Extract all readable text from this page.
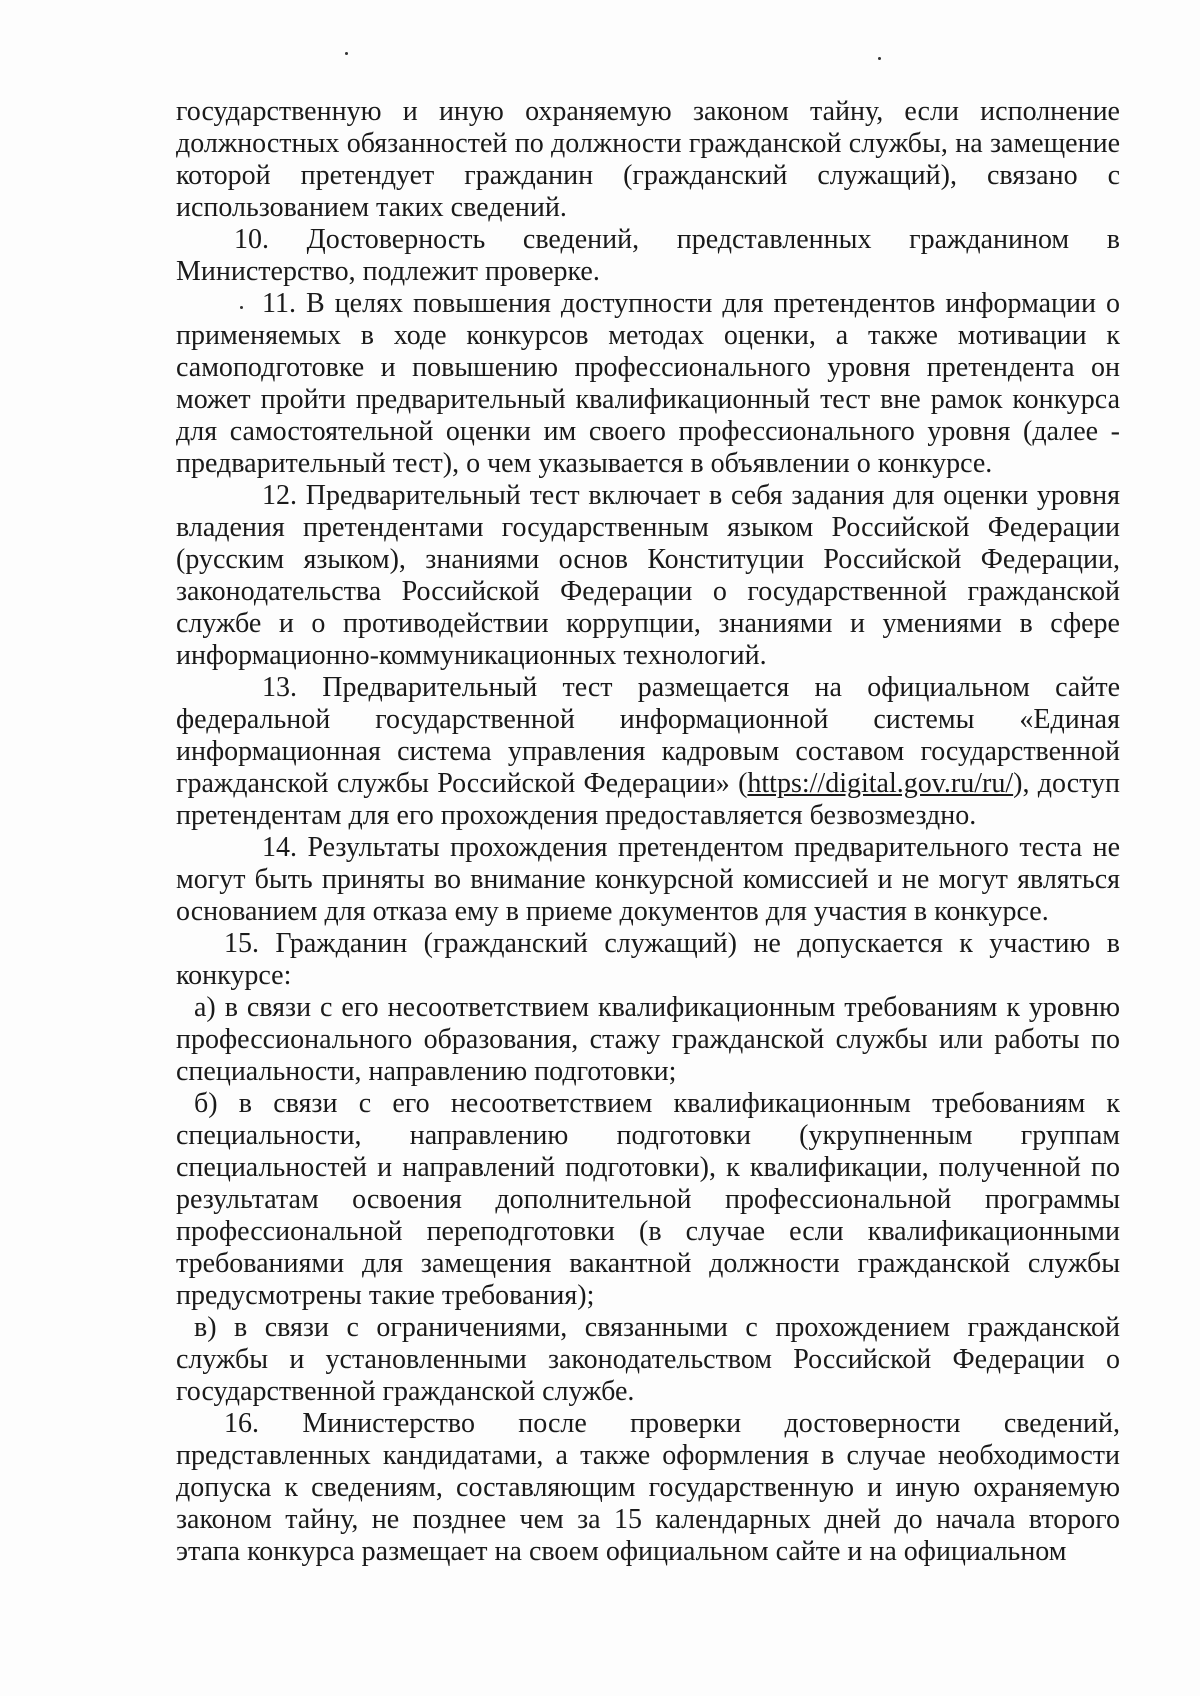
государственную и иную охраняемую законом тайну, если исполнение должностных обязанностей по должности гражданской службы, на замещение которой претендует гражданин (гражданский служащий), связано с использованием таких сведений.

10. Достоверность сведений, представленных гражданином в Министерство, подлежит проверке.

11. В целях повышения доступности для претендентов информации о применяемых в ходе конкурсов методах оценки, а также мотивации к самоподготовке и повышению профессионального уровня претендента он может пройти предварительный квалификационный тест вне рамок конкурса для самостоятельной оценки им своего профессионального уровня (далее - предварительный тест), о чем указывается в объявлении о конкурсе.

12. Предварительный тест включает в себя задания для оценки уровня владения претендентами государственным языком Российской Федерации (русским языком), знаниями основ Конституции Российской Федерации, законодательства Российской Федерации о государственной гражданской службе и о противодействии коррупции, знаниями и умениями в сфере информационно-коммуникационных технологий.

13. Предварительный тест размещается на официальном сайте федеральной государственной информационной системы «Единая информационная система управления кадровым составом государственной гражданской службы Российской Федерации» (https://digital.gov.ru/ru/), доступ претендентам для его прохождения предоставляется безвозмездно.

14. Результаты прохождения претендентом предварительного теста не могут быть приняты во внимание конкурсной комиссией и не могут являться основанием для отказа ему в приеме документов для участия в конкурсе.

15. Гражданин (гражданский служащий) не допускается к участию в конкурсе:

а) в связи с его несоответствием квалификационным требованиям к уровню профессионального образования, стажу гражданской службы или работы по специальности, направлению подготовки;

б) в связи с его несоответствием квалификационным требованиям к специальности, направлению подготовки (укрупненным группам специальностей и направлений подготовки), к квалификации, полученной по результатам освоения дополнительной профессиональной программы профессиональной переподготовки (в случае если квалификационными требованиями для замещения вакантной должности гражданской службы предусмотрены такие требования);

в) в связи с ограничениями, связанными с прохождением гражданской службы и установленными законодательством Российской Федерации о государственной гражданской службе.

16. Министерство после проверки достоверности сведений, представленных кандидатами, а также оформления в случае необходимости допуска к сведениям, составляющим государственную и иную охраняемую законом тайну, не позднее чем за 15 календарных дней до начала второго этапа конкурса размещает на своем официальном сайте и на официальном
